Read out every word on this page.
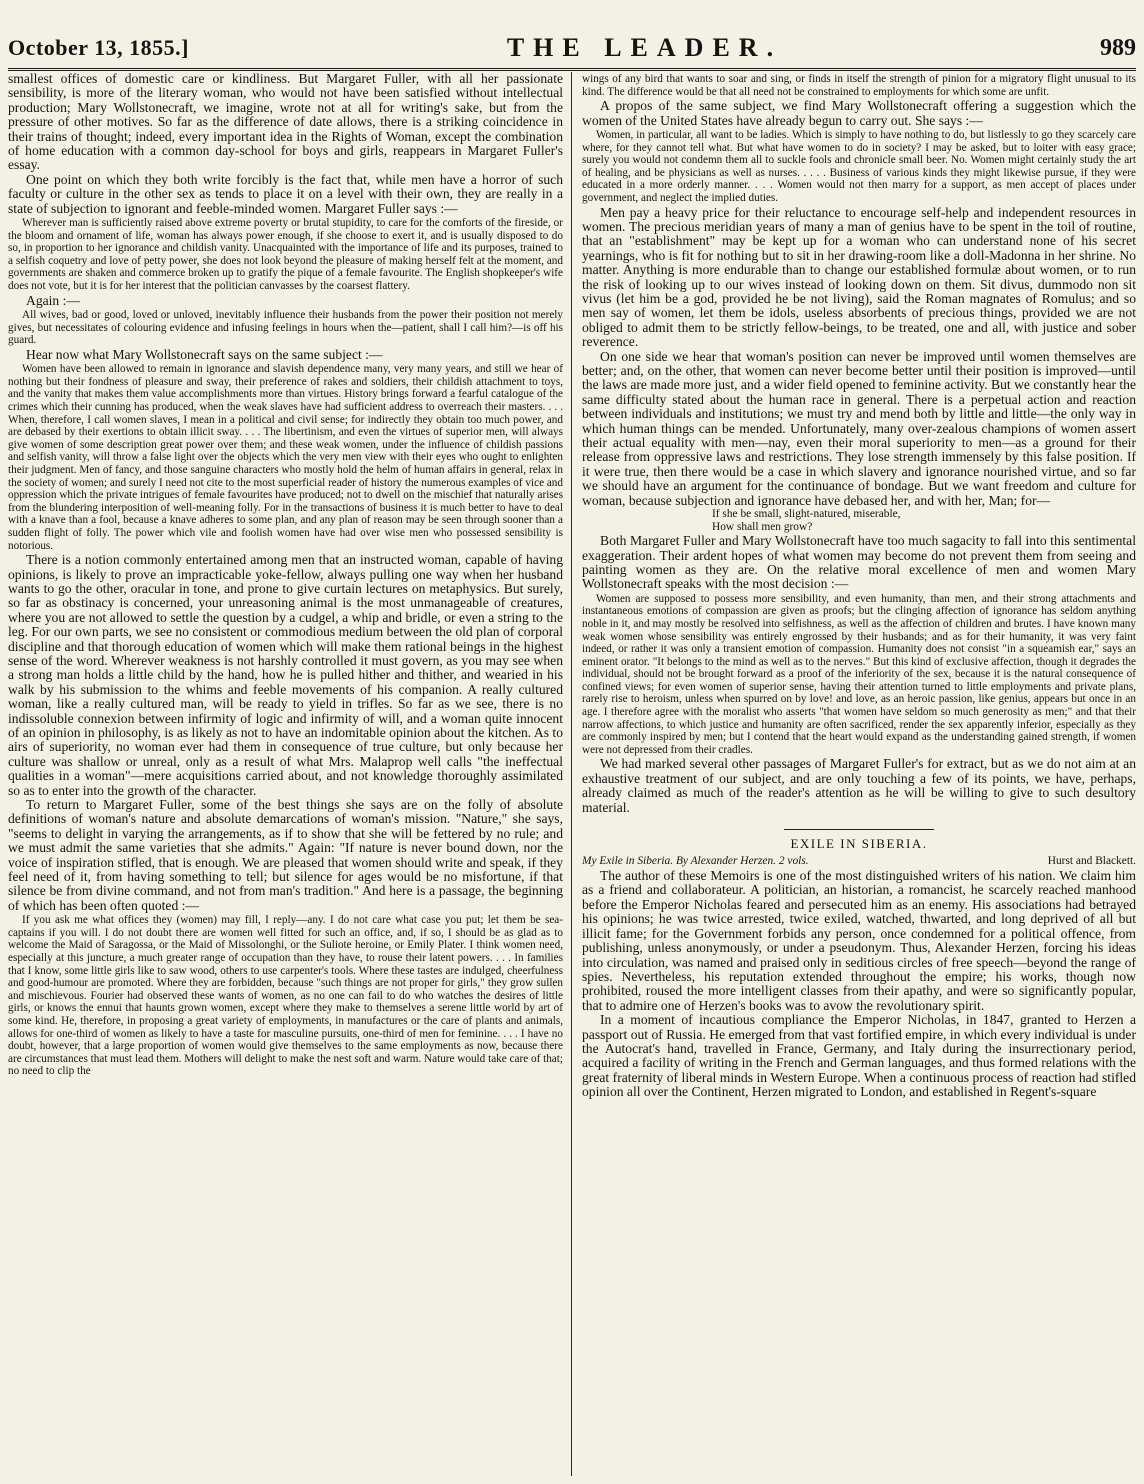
October 13, 1855.]	THE LEADER.	989

smallest offices of domestic care or kindliness. But Margaret Fuller, with all her passionate sensibility, is more of the literary woman, who would not have been satisfied without intellectual production; Mary Wollstonecraft, we imagine, wrote not at all for writing's sake, but from the pressure of other motives. So far as the difference of date allows, there is a striking coincidence in their trains of thought; indeed, every important idea in the Rights of Woman, except the combination of home education with a common day-school for boys and girls, reappears in Margaret Fuller's essay.

One point on which they both write forcibly is the fact that, while men have a horror of such faculty or culture in the other sex as tends to place it on a level with their own, they are really in a state of subjection to ignorant and feeble-minded women. Margaret Fuller says :—

Wherever man is sufficiently raised above extreme poverty or brutal stupidity, to care for the comforts of the fireside, or the bloom and ornament of life, woman has always power enough, if she choose to exert it, and is usually disposed to do so, in proportion to her ignorance and childish vanity. Unacquainted with the importance of life and its purposes, trained to a selfish coquetry and love of petty power, she does not look beyond the pleasure of making herself felt at the moment, and governments are shaken and commerce broken up to gratify the pique of a female favourite. The English shopkeeper's wife does not vote, but it is for her interest that the politician canvasses by the coarsest flattery.

Again :—

All wives, bad or good, loved or unloved, inevitably influence their husbands from the power their position not merely gives, but necessitates of colouring evidence and infusing feelings in hours when the—patient, shall I call him?—is off his guard.

Hear now what Mary Wollstonecraft says on the same subject :—

Women have been allowed to remain in ignorance and slavish dependence many, very many years, and still we hear of nothing but their fondness of pleasure and sway, their preference of rakes and soldiers, their childish attachment to toys, and the vanity that makes them value accomplishments more than virtues. History brings forward a fearful catalogue of the crimes which their cunning has produced, when the weak slaves have had sufficient address to overreach their masters. . . . When, therefore, I call women slaves, I mean in a political and civil sense; for indirectly they obtain too much power, and are debased by their exertions to obtain illicit sway. . . . The libertinism, and even the virtues of superior men, will always give women of some description great power over them; and these weak women, under the influence of childish passions and selfish vanity, will throw a false light over the objects which the very men view with their eyes who ought to enlighten their judgment. Men of fancy, and those sanguine characters who mostly hold the helm of human affairs in general, relax in the society of women; and surely I need not cite to the most superficial reader of history the numerous examples of vice and oppression which the private intrigues of female favourites have produced; not to dwell on the mischief that naturally arises from the blundering interposition of well-meaning folly. For in the transactions of business it is much better to have to deal with a knave than a fool, because a knave adheres to some plan, and any plan of reason may be seen through sooner than a sudden flight of folly. The power which vile and foolish women have had over wise men who possessed sensibility is notorious.

There is a notion commonly entertained among men that an instructed woman, capable of having opinions, is likely to prove an impracticable yoke-fellow, always pulling one way when her husband wants to go the other, oracular in tone, and prone to give curtain lectures on metaphysics. But surely, so far as obstinacy is concerned, your unreasoning animal is the most unmanageable of creatures, where you are not allowed to settle the question by a cudgel, a whip and bridle, or even a string to the leg. For our own parts, we see no consistent or commodious medium between the old plan of corporal discipline and that thorough education of women which will make them rational beings in the highest sense of the word. Wherever weakness is not harshly controlled it must govern, as you may see when a strong man holds a little child by the hand, how he is pulled hither and thither, and wearied in his walk by his submission to the whims and feeble movements of his companion. A really cultured woman, like a really cultured man, will be ready to yield in trifles. So far as we see, there is no indissoluble connexion between infirmity of logic and infirmity of will, and a woman quite innocent of an opinion in philosophy, is as likely as not to have an indomitable opinion about the kitchen. As to airs of superiority, no woman ever had them in consequence of true culture, but only because her culture was shallow or unreal, only as a result of what Mrs. Malaprop well calls "the ineffectual qualities in a woman"—mere acquisitions carried about, and not knowledge thoroughly assimilated so as to enter into the growth of the character.

To return to Margaret Fuller, some of the best things she says are on the folly of absolute definitions of woman's nature and absolute demarcations of woman's mission. "Nature," she says, "seems to delight in varying the arrangements, as if to show that she will be fettered by no rule; and we must admit the same varieties that she admits." Again: "If nature is never bound down, nor the voice of inspiration stifled, that is enough. We are pleased that women should write and speak, if they feel need of it, from having something to tell; but silence for ages would be no misfortune, if that silence be from divine command, and not from man's tradition." And here is a passage, the beginning of which has been often quoted :—

If you ask me what offices they (women) may fill, I reply—any. I do not care what case you put; let them be sea-captains if you will. I do not doubt there are women well fitted for such an office, and, if so, I should be as glad as to welcome the Maid of Saragossa, or the Maid of Missolonghi, or the Suliote heroine, or Emily Plater. I think women need, especially at this juncture, a much greater range of occupation than they have, to rouse their latent powers. . . . In families that I know, some little girls like to saw wood, others to use carpenter's tools. Where these tastes are indulged, cheerfulness and good-humour are promoted. Where they are forbidden, because "such things are not proper for girls," they grow sullen and mischievous. Fourier had observed these wants of women, as no one can fail to do who watches the desires of little girls, or knows the ennui that haunts grown women, except where they make to themselves a serene little world by art of some kind. He, therefore, in proposing a great variety of employments, in manufactures or the care of plants and animals, allows for one-third of women as likely to have a taste for masculine pursuits, one-third of men for feminine. . . . I have no doubt, however, that a large proportion of women would give themselves to the same employments as now, because there are circumstances that must lead them. Mothers will delight to make the nest soft and warm. Nature would take care of that; no need to clip the

wings of any bird that wants to soar and sing, or finds in itself the strength of pinion for a migratory flight unusual to its kind. The difference would be that all need not be constrained to employments for which some are unfit.

A propos of the same subject, we find Mary Wollstonecraft offering a suggestion which the women of the United States have already begun to carry out. She says :—

Women, in particular, all want to be ladies. Which is simply to have nothing to do, but listlessly to go they scarcely care where, for they cannot tell what. But what have women to do in society? I may be asked, but to loiter with easy grace; surely you would not condemn them all to suckle fools and chronicle small beer. No. Women might certainly study the art of healing, and be physicians as well as nurses. . . . . Business of various kinds they might likewise pursue, if they were educated in a more orderly manner. . . . Women would not then marry for a support, as men accept of places under government, and neglect the implied duties.

Men pay a heavy price for their reluctance to encourage self-help and independent resources in women. The precious meridian years of many a man of genius have to be spent in the toil of routine, that an "establishment" may be kept up for a woman who can understand none of his secret yearnings, who is fit for nothing but to sit in her drawing-room like a doll-Madonna in her shrine. No matter. Anything is more endurable than to change our established formulæ about women, or to run the risk of looking up to our wives instead of looking down on them. Sit divus, dummodo non sit vivus (let him be a god, provided he be not living), said the Roman magnates of Romulus; and so men say of women, let them be idols, useless absorbents of precious things, provided we are not obliged to admit them to be strictly fellow-beings, to be treated, one and all, with justice and sober reverence.

On one side we hear that woman's position can never be improved until women themselves are better; and, on the other, that women can never become better until their position is improved—until the laws are made more just, and a wider field opened to feminine activity. But we constantly hear the same difficulty stated about the human race in general. There is a perpetual action and reaction between individuals and institutions; we must try and mend both by little and little—the only way in which human things can be mended. Unfortunately, many over-zealous champions of women assert their actual equality with men—nay, even their moral superiority to men—as a ground for their release from oppressive laws and restrictions. They lose strength immensely by this false position. If it were true, then there would be a case in which slavery and ignorance nourished virtue, and so far we should have an argument for the continuance of bondage. But we want freedom and culture for woman, because subjection and ignorance have debased her, and with her, Man; for—

If she be small, slight-natured, miserable,

How shall men grow?

Both Margaret Fuller and Mary Wollstonecraft have too much sagacity to fall into this sentimental exaggeration. Their ardent hopes of what women may become do not prevent them from seeing and painting women as they are. On the relative moral excellence of men and women Mary Wollstonecraft speaks with the most decision :—

Women are supposed to possess more sensibility, and even humanity, than men, and their strong attachments and instantaneous emotions of compassion are given as proofs; but the clinging affection of ignorance has seldom anything noble in it, and may mostly be resolved into selfishness, as well as the affection of children and brutes. I have known many weak women whose sensibility was entirely engrossed by their husbands; and as for their humanity, it was very faint indeed, or rather it was only a transient emotion of compassion. Humanity does not consist "in a squeamish ear," says an eminent orator. "It belongs to the mind as well as to the nerves." But this kind of exclusive affection, though it degrades the individual, should not be brought forward as a proof of the inferiority of the sex, because it is the natural consequence of confined views; for even women of superior sense, having their attention turned to little employments and private plans, rarely rise to heroism, unless when spurred on by love! and love, as an heroic passion, like genius, appears but once in an age. I therefore agree with the moralist who asserts "that women have seldom so much generosity as men;" and that their narrow affections, to which justice and humanity are often sacrificed, render the sex apparently inferior, especially as they are commonly inspired by men; but I contend that the heart would expand as the understanding gained strength, if women were not depressed from their cradles.

We had marked several other passages of Margaret Fuller's for extract, but as we do not aim at an exhaustive treatment of our subject, and are only touching a few of its points, we have, perhaps, already claimed as much of the reader's attention as he will be willing to give to such desultory material.

EXILE IN SIBERIA.
My Exile in Siberia. By Alexander Herzen. 2 vols.	Hurst and Blackett.

The author of these Memoirs is one of the most distinguished writers of his nation. We claim him as a friend and collaborateur. A politician, an historian, a romancist, he scarcely reached manhood before the Emperor Nicholas feared and persecuted him as an enemy. His associations had betrayed his opinions; he was twice arrested, twice exiled, watched, thwarted, and long deprived of all but illicit fame; for the Government forbids any person, once condemned for a political offence, from publishing, unless anonymously, or under a pseudonym. Thus, Alexander Herzen, forcing his ideas into circulation, was named and praised only in seditious circles of free speech—beyond the range of spies. Nevertheless, his reputation extended throughout the empire; his works, though now prohibited, roused the more intelligent classes from their apathy, and were so significantly popular, that to admire one of Herzen's books was to avow the revolutionary spirit.

In a moment of incautious compliance the Emperor Nicholas, in 1847, granted to Herzen a passport out of Russia. He emerged from that vast fortified empire, in which every individual is under the Autocrat's hand, travelled in France, Germany, and Italy during the insurrectionary period, acquired a facility of writing in the French and German languages, and thus formed relations with the great fraternity of liberal minds in Western Europe. When a continuous process of reaction had stifled opinion all over the Continent, Herzen migrated to London, and established in Regent's-square
